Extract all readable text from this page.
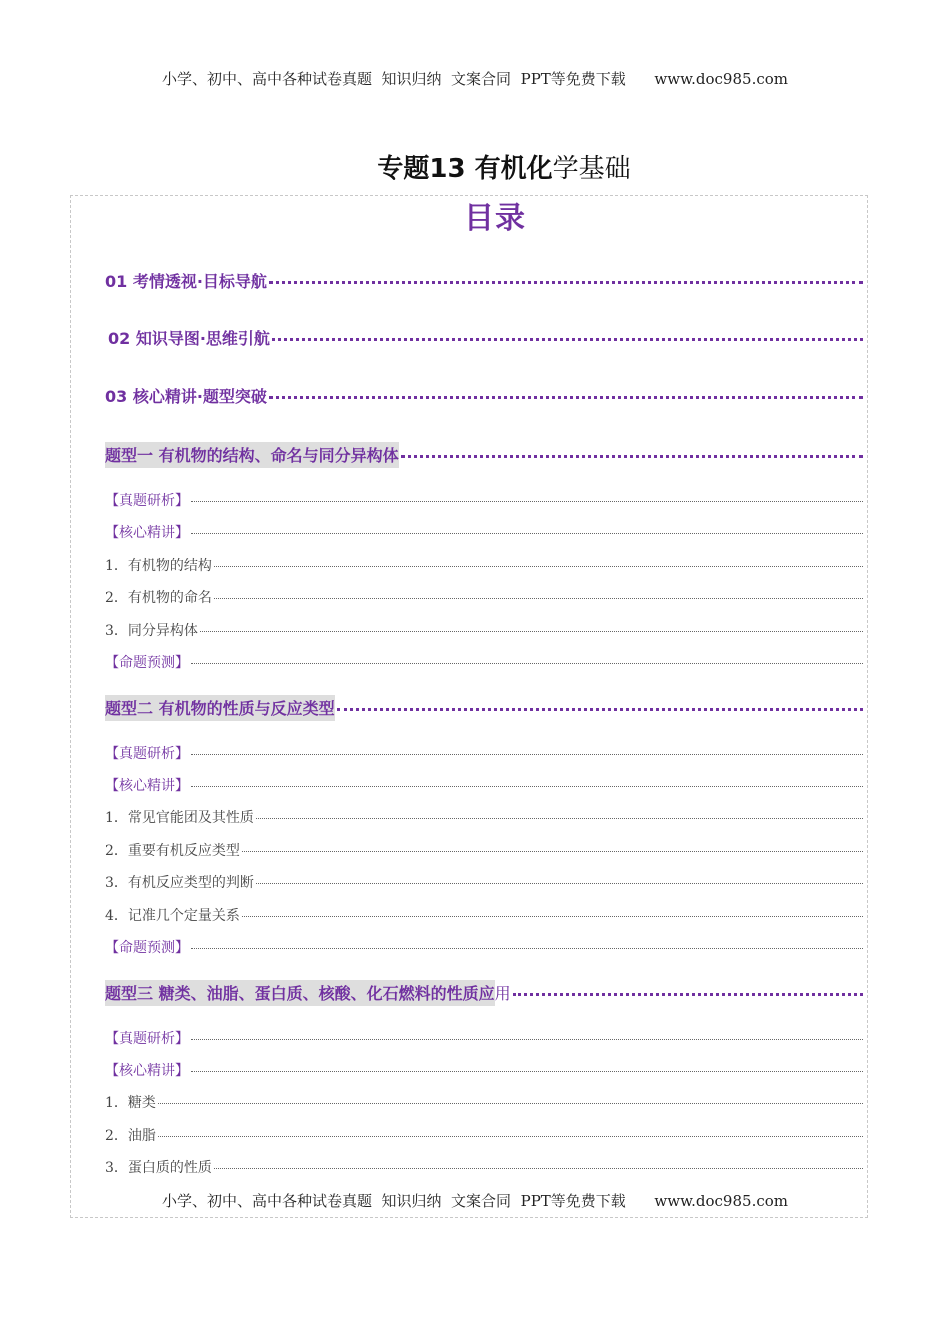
小学、初中、高中各种试卷真题  知识归纳  文案合同  PPT等免费下载      www.doc985.com
专题13 有机化学基础
目录
01 考情透视·目标导航
02 知识导图·思维引航
03 核心精讲·题型突破
题型一 有机物的结构、命名与同分异构体
【真题研析】
【核心精讲】
1．有机物的结构
2．有机物的命名
3．同分异构体
【命题预测】
题型二 有机物的性质与反应类型
【真题研析】
【核心精讲】
1．常见官能团及其性质
2．重要有机反应类型
3．有机反应类型的判断
4．记准几个定量关系
【命题预测】
题型三 糖类、油脂、蛋白质、核酸、化石燃料的性质应 用
【真题研析】
【核心精讲】
1．糖类
2．油脂
3．蛋白质的性质
小学、初中、高中各种试卷真题  知识归纳  文案合同  PPT等免费下载      www.doc985.com
